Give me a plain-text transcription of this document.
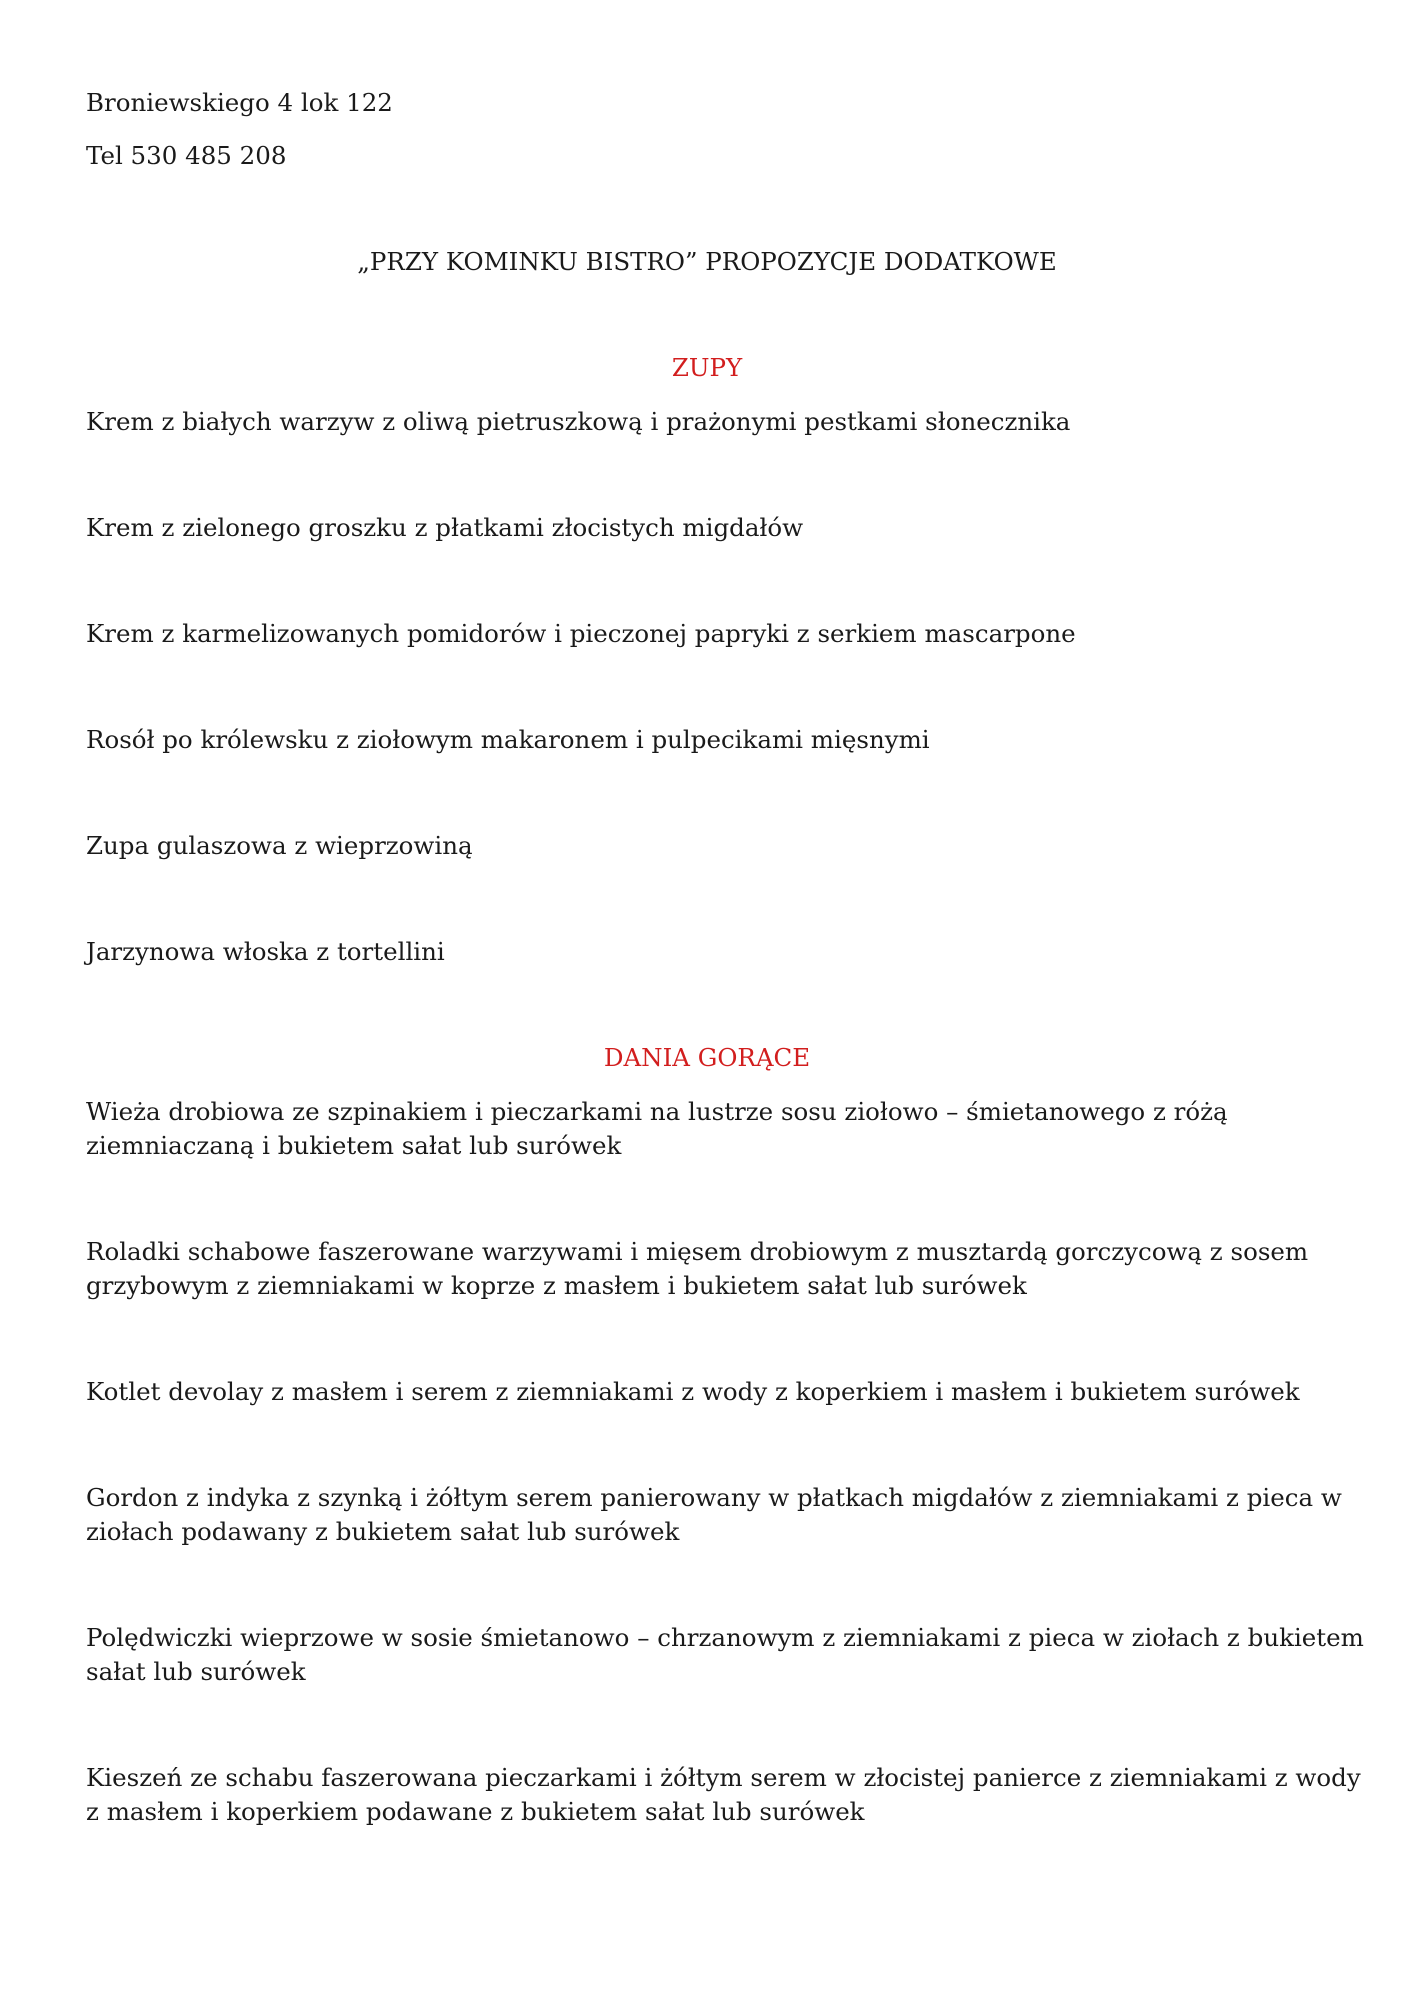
Broniewskiego 4 lok 122

Tel 530 485 208

„PRZY KOMINKU BISTRO” PROPOZYCJE DODATKOWE

ZUPY

Krem z białych warzyw z oliwą pietruszkową i prażonymi pestkami słonecznika
Krem z zielonego groszku z płatkami złocistych migdałów
Krem z karmelizowanych pomidorów i pieczonej papryki z serkiem mascarpone
Rosół po królewsku z ziołowym makaronem i pulpecikami mięsnymi
Zupa gulaszowa z wieprzowiną
Jarzynowa włoska z tortellini

DANIA GORĄCE

Wieża drobiowa ze szpinakiem i pieczarkami na lustrze sosu ziołowo – śmietanowego z różą
ziemniaczaną i bukietem sałat lub surówek
Roladki schabowe faszerowane warzywami i mięsem drobiowym z musztardą gorczycową z sosem
grzybowym z ziemniakami w koprze z masłem i bukietem sałat lub surówek
Kotlet devolay z masłem i serem z ziemniakami z wody z koperkiem i masłem i bukietem surówek
Gordon z indyka z szynką i żółtym serem panierowany w płatkach migdałów z ziemniakami z pieca w
ziołach podawany z bukietem sałat lub surówek
Polędwiczki wieprzowe w sosie śmietanowo – chrzanowym z ziemniakami z pieca w ziołach z bukietem
sałat lub surówek
Kieszeń ze schabu faszerowana pieczarkami i żółtym serem w złocistej panierce z ziemniakami z wody
z masłem i koperkiem podawane z bukietem sałat lub surówek
